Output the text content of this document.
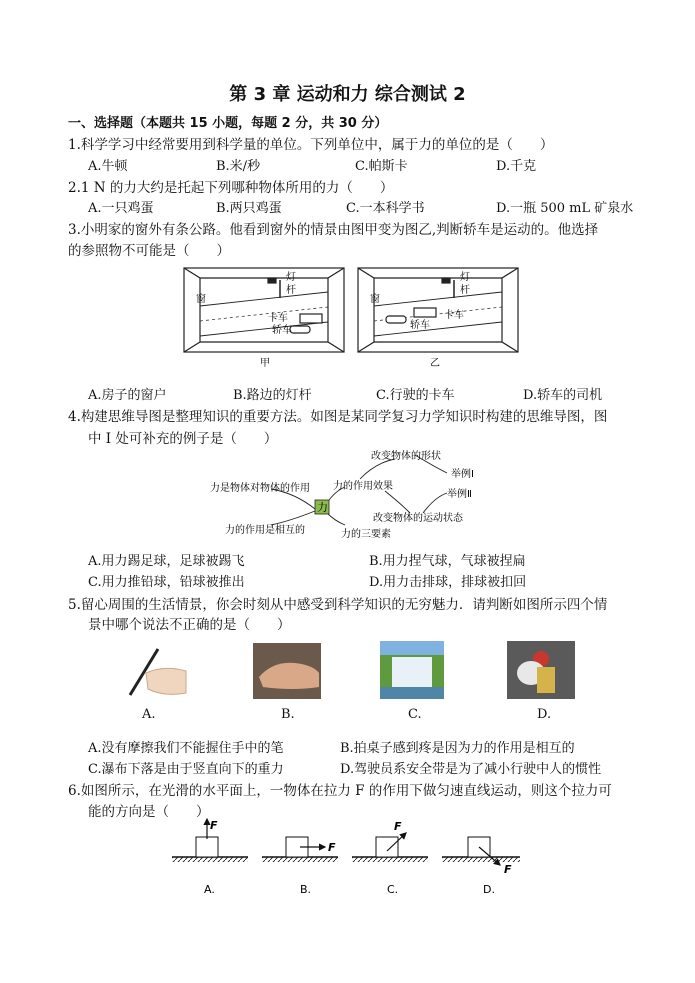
第 3 章 运动和力 综合测试 2
一、选择题（本题共 15 小题，每题 2 分，共 30 分）
1.科学学习中经常要用到科学量的单位。下列单位中，属于力的单位的是（　　）
A.牛顿	B.米/秒	C.帕斯卡	D.千克
2.1 N 的力大约是托起下列哪种物体所用的力（　　）
A.一只鸡蛋	B.两只鸡蛋	C.一本科学书	D.一瓶 500 mL 矿泉水
3.小明家的窗外有条公路。他看到窗外的情景由图甲变为图乙,判断轿车是运动的。他选择
的参照物不可能是（　　）
窗
灯
杆
卡车
轿车
甲
窗
灯
杆
卡车
轿车
乙
A.房子的窗户	B.路边的灯杆	C.行驶的卡车	D.轿车的司机
4.构建思维导图是整理知识的重要方法。如图是某同学复习力学知识时构建的思维导图，图
中 I 处可补充的例子是（　　）
力
力是物体对物体的作用
力的作用是相互的
力的作用效果
力的三要素
改变物体的形状
改变物体的运动状态
举例Ⅰ
举例Ⅱ
A.用力踢足球，足球被踢飞	B.用力捏气球，气球被捏扁
C.用力推铅球，铅球被推出	D.用力击排球，排球被扣回
5.留心周围的生活情景，你会时刻从中感受到科学知识的无穷魅力．请判断如图所示四个情
景中哪个说法不正确的是（　　）
A.	B.	C.	D.
A.没有摩擦我们不能握住手中的笔	B.拍桌子感到疼是因为力的作用是相互的
C.瀑布下落是由于竖直向下的重力	D.驾驶员系安全带是为了减小行驶中人的惯性
6.如图所示，在光滑的水平面上，一物体在拉力 F 的作用下做匀速直线运动，则这个拉力可
能的方向是（　　）
F
F
F
F
A.	B.	C.	D.
